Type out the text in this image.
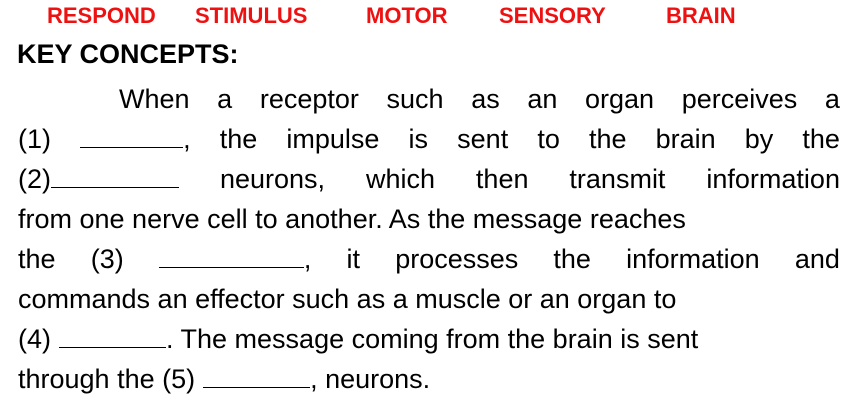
RESPOND STIMULUS	MOTOR SENSORY	BRAIN
KEY CONCEPTS:
When a receptor such as an organ perceives a
(1)	, the impulse is sent to the brain by the
(2)	neurons, which then transmit information
from one nerve cell to another. As the message reaches
the (3)	, it processes the information and
commands an effector such as a muscle or an organ to
(4)	. The message coming from the brain is sent
through the (5)	, neurons.
